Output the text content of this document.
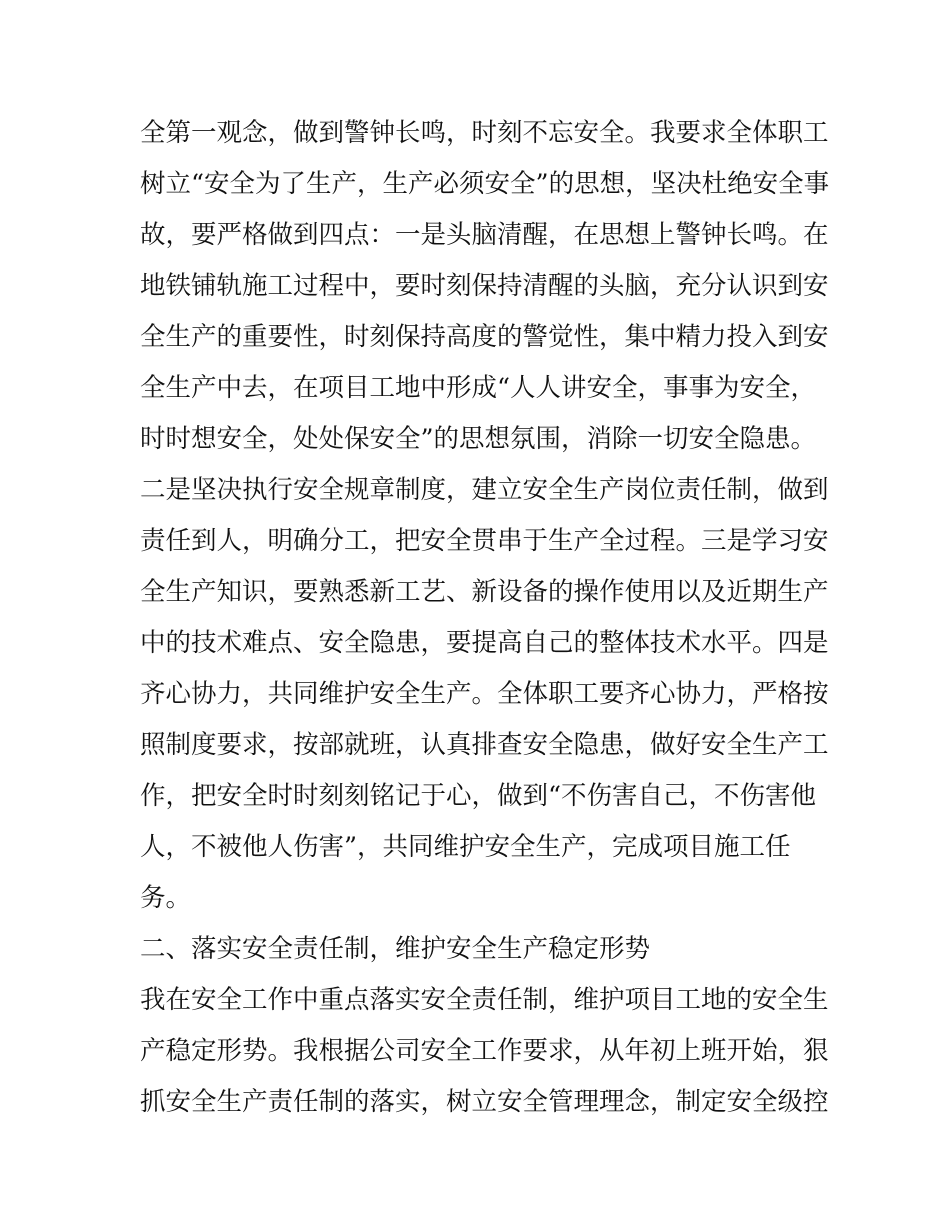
全第一观念，做到警钟长鸣，时刻不忘安全。我要求全体职工
树立“安全为了生产，生产必须安全”的思想，坚决杜绝安全事
故，要严格做到四点：一是头脑清醒，在思想上警钟长鸣。在
地铁铺轨施工过程中，要时刻保持清醒的头脑，充分认识到安
全生产的重要性，时刻保持高度的警觉性，集中精力投入到安
全生产中去，在项目工地中形成“人人讲安全，事事为安全，
时时想安全，处处保安全”的思想氛围，消除一切安全隐患。
二是坚决执行安全规章制度，建立安全生产岗位责任制，做到
责任到人，明确分工，把安全贯串于生产全过程。三是学习安
全生产知识，要熟悉新工艺、新设备的操作使用以及近期生产
中的技术难点、安全隐患，要提高自己的整体技术水平。四是
齐心协力，共同维护安全生产。全体职工要齐心协力，严格按
照制度要求，按部就班，认真排查安全隐患，做好安全生产工
作，把安全时时刻刻铭记于心，做到“不伤害自己，不伤害他
人，不被他人伤害”，共同维护安全生产，完成项目施工任
务。
二、落实安全责任制，维护安全生产稳定形势
我在安全工作中重点落实安全责任制，维护项目工地的安全生
产稳定形势。我根据公司安全工作要求，从年初上班开始，狠
抓安全生产责任制的落实，树立安全管理理念，制定安全级控
